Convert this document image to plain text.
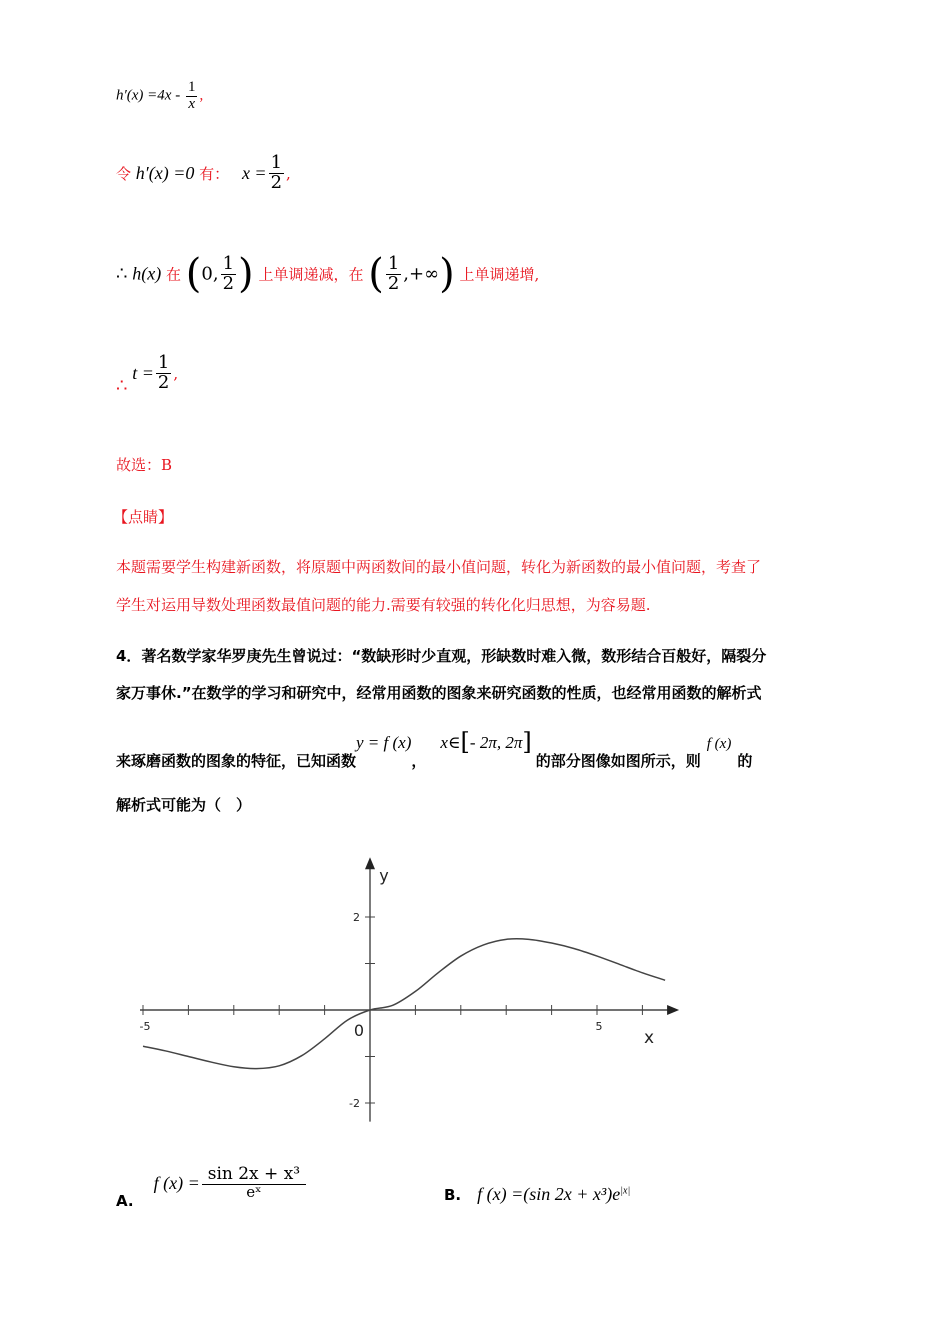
$h'(x) =4x - \frac{1}{x}$ ,
令 h′(x) =0 有： $x = \frac{1}{2}$ ,
∴ h(x) 在 (0, $\frac{1}{2}$ ) 上单调递减，在 ( $\frac{1}{2}$ ,+∞) 上单调递增,
∴ $t = \frac{1}{2}$ ,
故选：B
【点睛】
本题需要学生构建新函数，将原题中两函数间的最小值问题，转化为新函数的最小值问题，考查了
学生对运用导数处理函数最值问题的能力.需要有较强的转化化归思想，为容易题.
4．著名数学家华罗庚先生曾说过：“数缺形时少直观，形缺数时难入微，数形结合百般好，隔裂分
家万事休.”在数学的学习和研究中，经常用函数的图象来研究函数的性质，也经常用函数的解析式
来琢磨函数的图象的特征，已知函数y = f (x)，x∈[- 2π, 2π]的部分图像如图所示，则f (x)的
解析式可能为（　）
-5	5
2
-2
0	x
y
A.f $(x) = \frac{\text{sin 2x + x³}}{\text{eˣ}}$	B. f (x) =(sin $2x + x^3)e^{|x|}$
